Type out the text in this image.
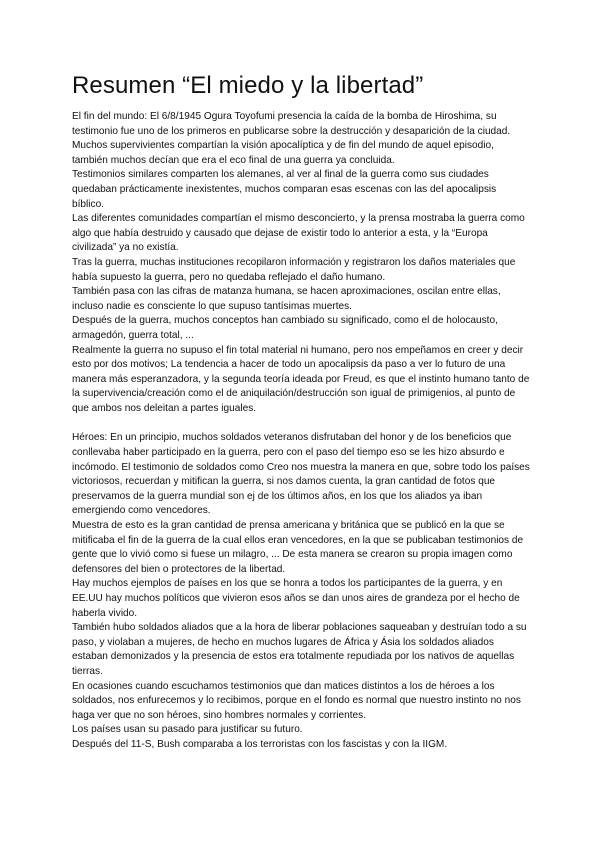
Resumen “El miedo y la libertad”

El fin del mundo: El 6/8/1945 Ogura Toyofumi presencia la caída de la bomba de Hiroshima, su testimonio fue uno de los primeros en publicarse sobre la destrucción y desaparición de la ciudad. Muchos supervivientes compartían la visión apocalíptica y de fin del mundo de aquel episodio, también muchos decían que era el eco final de una guerra ya concluida.

Testimonios similares comparten los alemanes, al ver al final de la guerra como sus ciudades quedaban prácticamente inexistentes, muchos comparan esas escenas con las del apocalipsis bíblico.

Las diferentes comunidades compartían el mismo desconcierto, y la prensa mostraba la guerra como algo que había destruido y causado que dejase de existir todo lo anterior a esta, y la “Europa civilizada” ya no existía.

Tras la guerra, muchas instituciones recopilaron información y registraron los daños materiales que había supuesto la guerra, pero no quedaba reflejado el daño humano.

También pasa con las cifras de matanza humana, se hacen aproximaciones, oscilan entre ellas, incluso nadie es consciente lo que supuso tantísimas muertes.

Después de la guerra, muchos conceptos han cambiado su significado, como el de holocausto, armagedón, guerra total, ...

Realmente la guerra no supuso el fin total material ni humano, pero nos empeñamos en creer y decir esto por dos motivos; La tendencia a hacer de todo un apocalipsis da paso a ver lo futuro de una manera más esperanzadora, y la segunda teoría ideada por Freud, es que el instinto humano tanto de la supervivencia/creación como el de aniquilación/destrucción son igual de primigenios, al punto de que ambos nos deleitan a partes iguales.

Héroes: En un principio, muchos soldados veteranos disfrutaban del honor y de los beneficios que conllevaba haber participado en la guerra, pero con el paso del tiempo eso se les hizo absurdo e incómodo. El testimonio de soldados como Creo nos muestra la manera en que, sobre todo los países victoriosos, recuerdan y mitifican la guerra, si nos damos cuenta, la gran cantidad de fotos que preservamos de la guerra mundial son ej de los últimos años, en los que los aliados ya iban emergiendo como vencedores.

Muestra de esto es la gran cantidad de prensa americana y británica que se publicó en la que se mitificaba el fin de la guerra de la cual ellos eran vencedores, en la que se publicaban testimonios de gente que lo vivió como si fuese un milagro, ... De esta manera se crearon su propia imagen como defensores del bien o protectores de la libertad.

Hay muchos ejemplos de países en los que se honra a todos los participantes de la guerra, y en EE.UU hay muchos políticos que vivieron esos años se dan unos aires de grandeza por el hecho de haberla vivido.

También hubo soldados aliados que a la hora de liberar poblaciones saqueaban y destruían todo a su paso, y violaban a mujeres, de hecho en muchos lugares de África y Ásia los soldados aliados estaban demonizados y la presencia de estos era totalmente repudiada por los nativos de aquellas tierras.

En ocasiones cuando escuchamos testimonios que dan matices distintos a los de héroes a los soldados, nos enfurecemos y lo recibimos, porque en el fondo es normal que nuestro instinto no nos haga ver que no son héroes, sino hombres normales y corrientes.

Los países usan su pasado para justificar su futuro.

Después del 11-S, Bush comparaba a los terroristas con los fascistas y con la IIGM.
